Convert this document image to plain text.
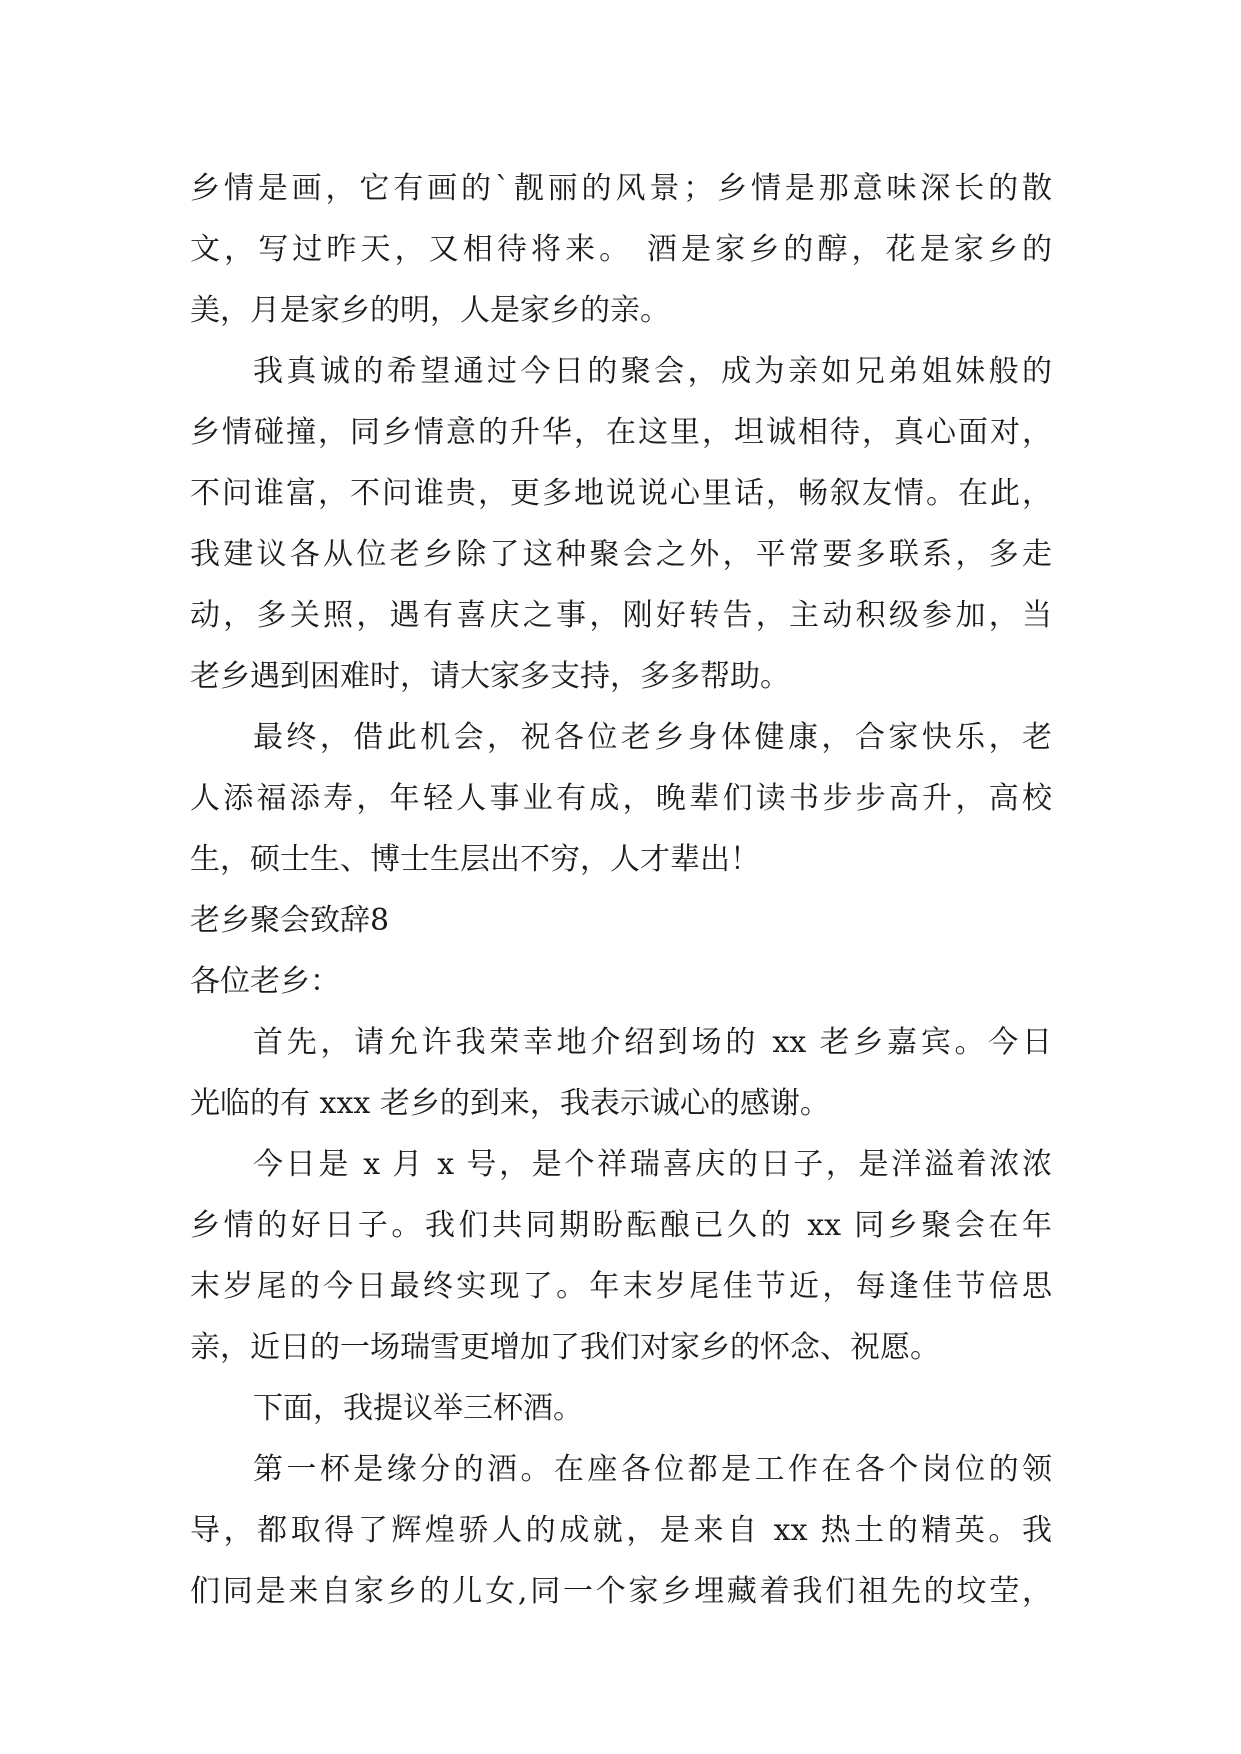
乡情是画，它有画的`靓丽的风景；乡情是那意味深长的散
文，写过昨天，又相待将来。 酒是家乡的醇，花是家乡的
美，月是家乡的明，人是家乡的亲。
我真诚的希望通过今日的聚会，成为亲如兄弟姐妹般的
乡情碰撞，同乡情意的升华，在这里，坦诚相待，真心面对，
不问谁富，不问谁贵，更多地说说心里话，畅叙友情。在此，
我建议各从位老乡除了这种聚会之外，平常要多联系，多走
动，多关照，遇有喜庆之事，刚好转告，主动积级参加，当
老乡遇到困难时，请大家多支持，多多帮助。
最终，借此机会，祝各位老乡身体健康，合家快乐，老
人添福添寿，年轻人事业有成，晚辈们读书步步高升，高校
生，硕士生、博士生层出不穷，人才辈出！
老乡聚会致辞8
各位老乡：
首先，请允许我荣幸地介绍到场的 xx 老乡嘉宾。今日
光临的有 xxx 老乡的到来，我表示诚心的感谢。
今日是 x 月 x 号，是个祥瑞喜庆的日子，是洋溢着浓浓
乡情的好日子。我们共同期盼酝酿已久的 xx 同乡聚会在年
末岁尾的今日最终实现了。年末岁尾佳节近，每逢佳节倍思
亲，近日的一场瑞雪更增加了我们对家乡的怀念、祝愿。
下面，我提议举三杯酒。
第一杯是缘分的酒。在座各位都是工作在各个岗位的领
导，都取得了辉煌骄人的成就，是来自 xx 热土的精英。我
们同是来自家乡的儿女,同一个家乡埋藏着我们祖先的坟茔，
